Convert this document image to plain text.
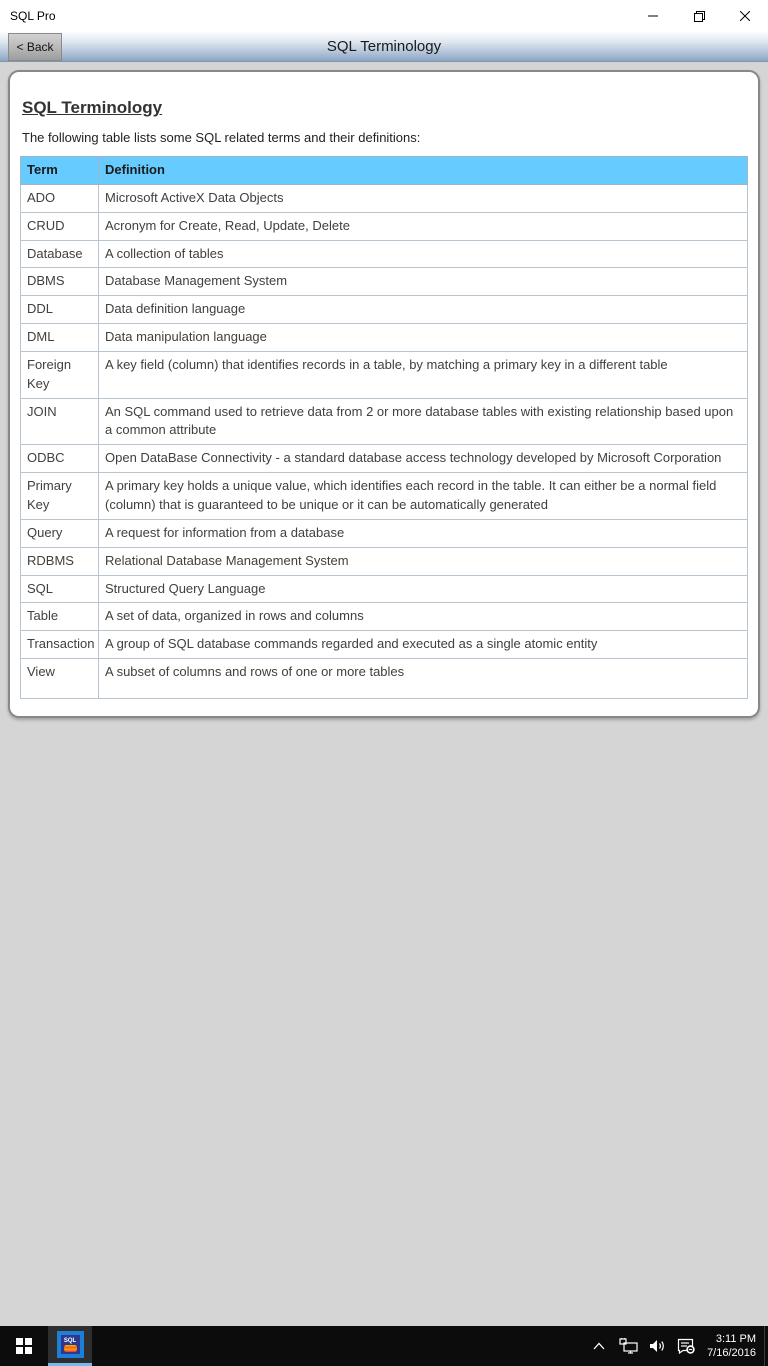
SQL Pro
< Back	SQL Terminology
SQL Terminology
The following table lists some SQL related terms and their definitions:
Term	Definition
ADO	Microsoft ActiveX Data Objects
CRUD	Acronym for Create, Read, Update, Delete
Database	A collection of tables
DBMS	Database Management System
DDL	Data definition language
DML	Data manipulation language
Foreign Key	A key field (column) that identifies records in a table, by matching a primary key in a different table
JOIN	An SQL command used to retrieve data from 2 or more database tables with existing relationship based upon a common attribute
ODBC	Open DataBase Connectivity - a standard database access technology developed by Microsoft Corporation
Primary Key	A primary key holds a unique value, which identifies each record in the table. It can either be a normal field (column) that is guaranteed to be unique or it can be automatically generated
Query	A request for information from a database
RDBMS	Relational Database Management System
SQL	Structured Query Language
Table	A set of data, organized in rows and columns
Transaction	A group of SQL database commands regarded and executed as a single atomic entity
View	A subset of columns and rows of one or more tables
SQL	3:11 PM
7/16/2016
